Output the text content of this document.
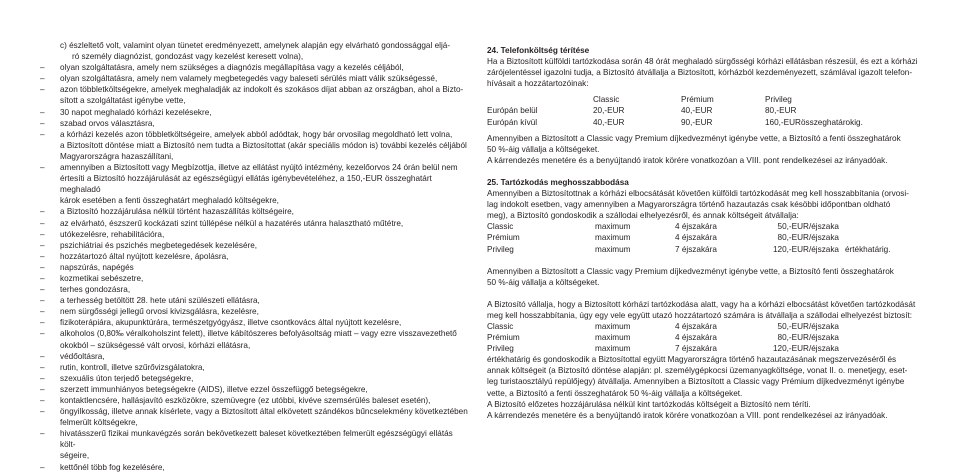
c) észleltető volt, valamint olyan tünetet eredményezett, amelynek alapján egy elvárható gondossággal eljá-

ró személy diagnózist, gondozást vagy kezelést keresett volna),

– olyan szolgáltatásra, amely nem szükséges a diagnózis megállapítása vagy a kezelés céljából,

– olyan szolgáltatásra, amely nem valamely megbetegedés vagy baleseti sérülés miatt válik szükségessé,

– azon többletköltségekre, amelyek meghaladják az indokolt és szokásos díjat abban az országban, ahol a Bizto-

sított a szolgáltatást igénybe vette,

– 30 napot meghaladó kórházi kezelésekre,

– szabad orvos választásra,

– a kórházi kezelés azon többletköltségeire, amelyek abból adódtak, hogy bár orvosilag megoldható lett volna,

a Biztosított döntése miatt a Biztosító nem tudta a Biztosítottat (akár speciális módon is) további kezelés céljából

Magyarországra hazaszállítani,

– amennyiben a Biztosított vagy Megbízottja, illetve az ellátást nyújtó intézmény, kezelőorvos 24 órán belül nem

értesíti a Biztosító hozzájárulását az egészségügyi ellátás igénybevételéhez, a 150,-EUR összeghatárt meghaladó

károk esetében a fenti összeghatárt meghaladó költségekre,

– a Biztosító hozzájárulása nélkül történt hazaszállítás költségeire,

– az elvárható, észszerű kockázati szint túllépése nélkül a hazatérés utánra halasztható műtétre,

– utókezelésre, rehabilitációra,

– pszichiátriai és pszichés megbetegedések kezelésére,

– hozzátartozó által nyújtott kezelésre, ápolásra,

– napszúrás, napégés

– kozmetikai sebészetre,

– terhes gondozásra,

– a terhesség betöltött 28. hete utáni szülészeti ellátásra,

– nem sürgősségi jellegű orvosi kivizsgálásra, kezelésre,

– fizikoterápiára, akupunktúrára, természetgyógyász, illetve csontkovács által nyújtott kezelésre,

– alkoholos (0,80‰ véralkoholszint felett), illetve kábítószeres befolyásoltság miatt – vagy ezre visszavezethető

okokból – szükségessé vált orvosi, kórházi ellátásra,

– védőoltásra,

– rutin, kontroll, illetve szűrővizsgálatokra,

– szexuális úton terjedő betegségekre,

– szerzett immunhiányos betegségekre (AIDS), illetve ezzel összefüggő betegségekre,

– kontaktlencsére, hallásjavító eszközökre, szemüvegre (ez utóbbi, kivéve szemsérülés baleset esetén),

– öngyilkosság, illetve annak kísérlete, vagy a Biztosított által elkövetett szándékos bűncselekmény következtében

felmerült költségekre,

– hivatásszerű fizikai munkavégzés során bekövetkezett baleset következtében felmerült egészségügyi ellátás költ-

ségeire,

– kettőnél több fog kezelésére,

24. Telefonköltség térítése

Ha a Biztosított külföldi tartózkodása során 48 órát meghaladó sürgősségi kórházi ellátásban részesül, és ezt a kórházi

zárójelentéssel igazolni tudja, a Biztosító átvállalja a Biztosított, kórházból kezdeményezett, számlával igazolt telefon-

hívásait a hozzátartozóinak:

	Classic	Prémium	Privileg	
Európán belül	20,-EUR	40,-EUR	80,-EUR	
Európán kívül	40,-EUR	90,-EUR	160,-EUR	összeghatárokig.

Amennyiben a Biztosított a Classic vagy Premium díjkedvezményt igénybe vette, a Biztosító a fenti összeghatárok

50 %-áig vállalja a költségeket.

A kárrendezés menetére és a benyújtandó iratok körére vonatkozóan a VIII. pont rendelkezései az irányadóak.

25. Tartózkodás meghosszabbodása

Amennyiben a Biztosítottnak a kórházi elbocsátását követően külföldi tartózkodását meg kell hosszabbítania (orvosi-

lag indokolt esetben, vagy amennyiben a Magyarországra történő hazautazás csak késöbbi időpontban oldható

meg), a Biztosító gondoskodik a szállodai elhelyezésről, és annak költségeit átvállalja:

Classic	maximum	4 éjszakára	50,-EUR/éjszaka	
Prémium	maximum	4 éjszakára	80,-EUR/éjszaka	
Privileg	maximum	7 éjszakára	120,-EUR/éjszaka	értékhatárig.

Amennyiben a Biztosított a Classic vagy Premium díjkedvezményt igénybe vette, a Biztosító fenti összeghatárok

50 %-áig vállalja a költségeket.

A Biztosító vállalja, hogy a Biztosított kórházi tartózkodása alatt, vagy ha a kórházi elbocsátást követően tartózkodását

meg kell hosszabbítania, úgy egy vele együtt utazó hozzátartozó számára is átvállalja a szállodai elhelyezést biztosít:

Classic	maximum	4 éjszakára	50,-EUR/éjszaka	
Prémium	maximum	4 éjszakára	80,-EUR/éjszaka	
Privileg	maximum	7 éjszakára	120,-EUR/éjszaka	

értékhatárig és gondoskodik a Biztosítottal együtt Magyarországra történő hazautazásának megszervezéséről és

annak költségeit (a Biztosító döntése alapján: pl. személygépkocsi üzemanyagköltsége, vonat II. o. menetjegy, eset-

leg turistaosztályú repülőjegy) átvállalja. Amennyiben a Biztosított a Classic vagy Prémium díjkedvezményt igénybe

vette, a Biztosító a fenti összeghatárok 50 %-áig vállalja a költségeket.

A Biztosító előzetes hozzájárulása nélkül kint tartózkodás költségeit a Biztosító nem téríti.

A kárrendezés menetére és a benyújtandó iratok körére vonatkozóan a VIII. pont rendelkezései az irányadóak.
